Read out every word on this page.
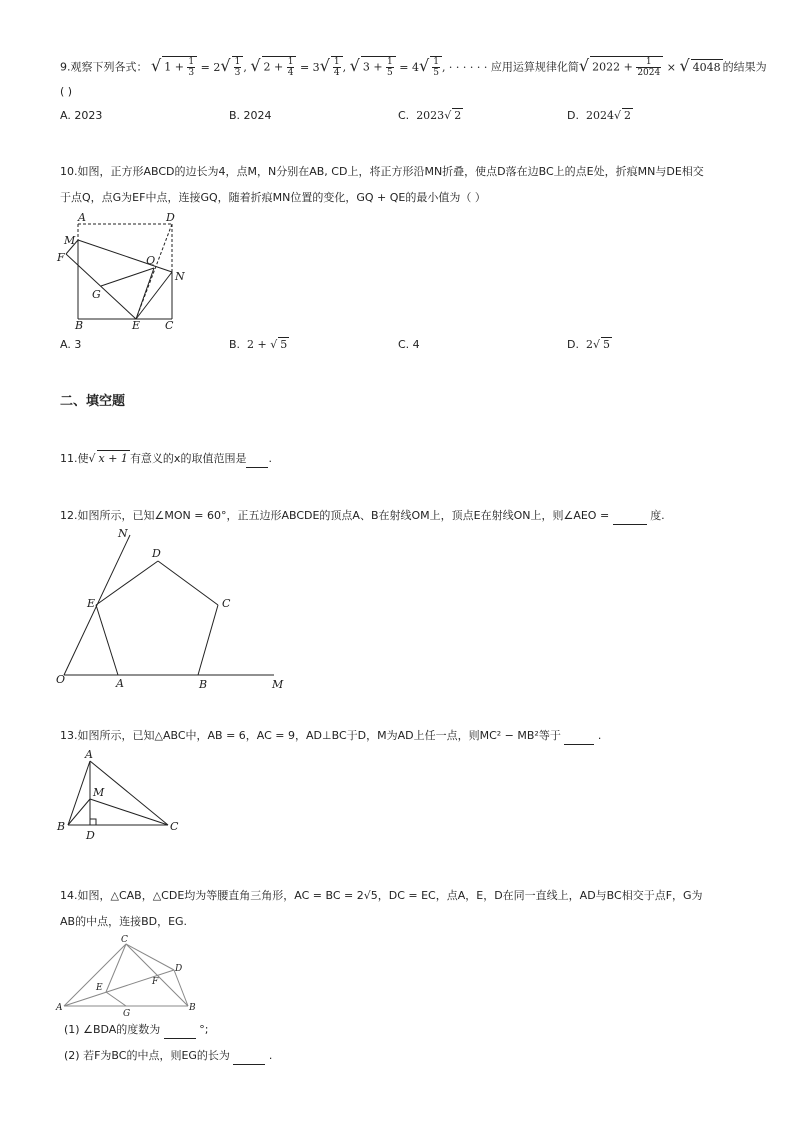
9.观察下列各式： √ $1 + \frac{1}{3} = 2√ \frac{1}{3}$ , √ $2 + \frac{1}{4} = 3√ \frac{1}{4}$ , √ $3 + \frac{1}{5} = 4√ \frac{1}{5}$ , · · · · · · 应用运算规律化简√ $2022 + \frac{1}{2024}$ × √ 4048 的结果为
( )
A. 2023	B. 2024	C. 2023√ 2	D. 2024√ 2
10.如图，正方形ABCD的边长为4，点M，N分别在AB, CD上，将正方形沿MN折叠，使点D落在边BC上的点E处，折痕MN与DE相交
于点Q，点G为EF中点，连接GQ，随着折痕MN位置的变化，GQ + QE的最小值为（ ）
A	D
M
F	Q
N
G
B	E C
A. 3	B. 2 + √ 5	C. 4	D. 2√ 5
二、填空题
11.使√ x + 1 有意义的x的取值范围是 .
12.如图所示，已知∠MON = 60°，正五边形ABCDE的顶点A、B在射线OM上，顶点E在射线ON上，则∠AEO =	度.
N
D
E	C
O	A	B	M
13.如图所示，已知△ABC中，AB = 6，AC = 9，AD⊥BC于D，M为AD上任一点，则MC² − MB²等于	.
A
M
B
D
C
14.如图，△CAB，△CDE均为等腰直角三角形，AC = BC = 2√5，DC = EC，点A，E，D在同一直线上，AD与BC相交于点F，G为
AB的中点，连接BD，EG.
C
D
E
F
A
G
B
(1) ∠BDA的度数为	°;
(2) 若F为BC的中点，则EG的长为	.
